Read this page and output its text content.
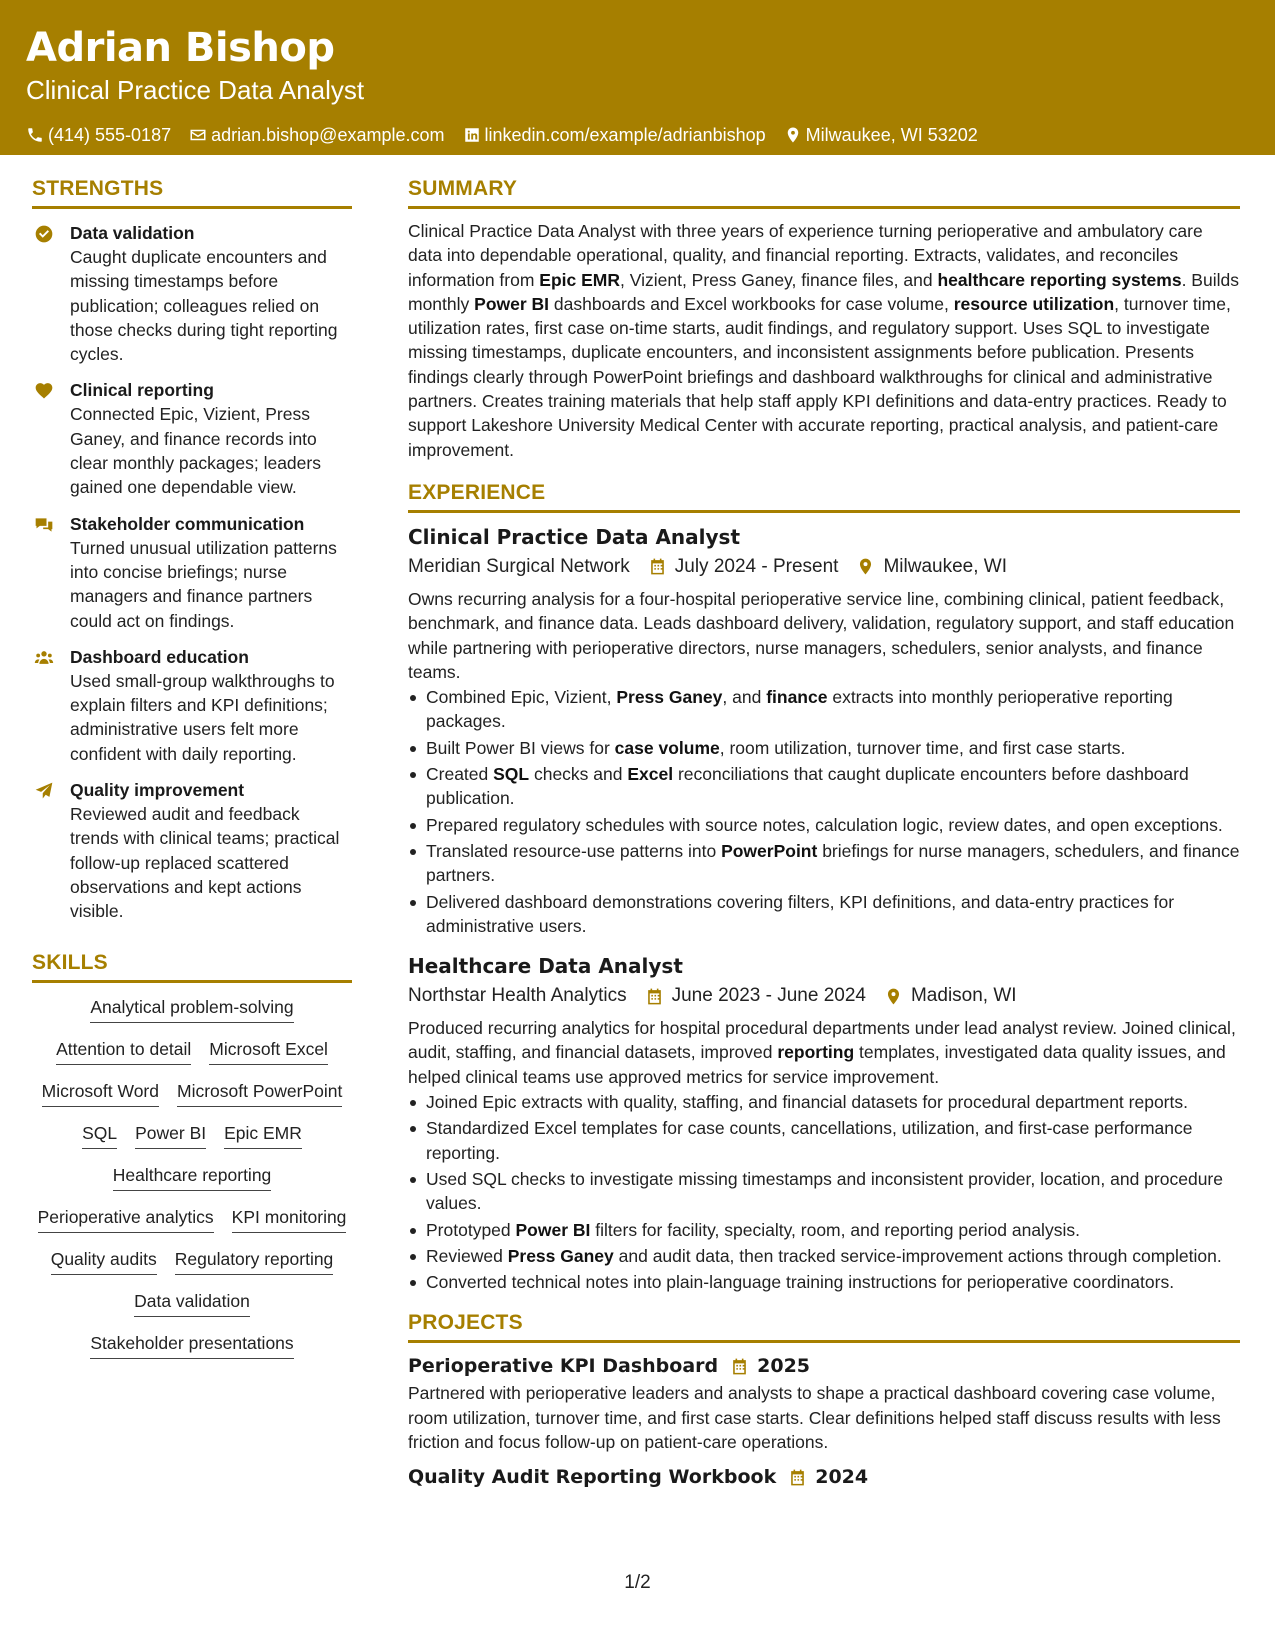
Adrian Bishop
Clinical Practice Data Analyst
(414) 555-0187 adrian.bishop@example.com linkedin.com/example/adrianbishop Milwaukee, WI 53202
STRENGTHS
Data validation
Caught duplicate encounters and missing timestamps before publication; colleagues relied on those checks during tight reporting cycles.
Clinical reporting
Connected Epic, Vizient, Press Ganey, and finance records into clear monthly packages; leaders gained one dependable view.
Stakeholder communication
Turned unusual utilization patterns into concise briefings; nurse managers and finance partners could act on findings.
Dashboard education
Used small-group walkthroughs to explain filters and KPI definitions; administrative users felt more confident with daily reporting.
Quality improvement
Reviewed audit and feedback trends with clinical teams; practical follow-up replaced scattered observations and kept actions visible.
SKILLS
Analytical problem-solving
Attention to detail Microsoft Excel
Microsoft Word Microsoft PowerPoint
SQL Power BI Epic EMR
Healthcare reporting
Perioperative analytics KPI monitoring
Quality audits Regulatory reporting
Data validation
Stakeholder presentations
SUMMARY

Clinical Practice Data Analyst with three years of experience turning perioperative and ambulatory care data into dependable operational, quality, and financial reporting. Extracts, validates, and reconciles information from Epic EMR, Vizient, Press Ganey, finance files, and healthcare reporting systems. Builds monthly Power BI dashboards and Excel workbooks for case volume, resource utilization, turnover time, utilization rates, first case on-time starts, audit findings, and regulatory support. Uses SQL to investigate missing timestamps, duplicate encounters, and inconsistent assignments before publication. Presents findings clearly through PowerPoint briefings and dashboard walkthroughs for clinical and administrative partners. Creates training materials that help staff apply KPI definitions and data-entry practices. Ready to support Lakeshore University Medical Center with accurate reporting, practical analysis, and patient-care improvement.

EXPERIENCE
Clinical Practice Data Analyst
Meridian Surgical Network July 2024 - Present Milwaukee, WI

Owns recurring analysis for a four-hospital perioperative service line, combining clinical, patient feedback, benchmark, and finance data. Leads dashboard delivery, validation, regulatory support, and staff education while partnering with perioperative directors, nurse managers, schedulers, senior analysts, and finance teams.

Combined Epic, Vizient, Press Ganey, and finance extracts into monthly perioperative reporting packages.
Built Power BI views for case volume, room utilization, turnover time, and first case starts.
Created SQL checks and Excel reconciliations that caught duplicate encounters before dashboard publication.
Prepared regulatory schedules with source notes, calculation logic, review dates, and open exceptions.
Translated resource-use patterns into PowerPoint briefings for nurse managers, schedulers, and finance partners.
Delivered dashboard demonstrations covering filters, KPI definitions, and data-entry practices for administrative users.
Healthcare Data Analyst
Northstar Health Analytics June 2023 - June 2024 Madison, WI

Produced recurring analytics for hospital procedural departments under lead analyst review. Joined clinical, audit, staffing, and financial datasets, improved reporting templates, investigated data quality issues, and helped clinical teams use approved metrics for service improvement.

Joined Epic extracts with quality, staffing, and financial datasets for procedural department reports.
Standardized Excel templates for case counts, cancellations, utilization, and first-case performance reporting.
Used SQL checks to investigate missing timestamps and inconsistent provider, location, and procedure values.
Prototyped Power BI filters for facility, specialty, room, and reporting period analysis.
Reviewed Press Ganey and audit data, then tracked service-improvement actions through completion.
Converted technical notes into plain-language training instructions for perioperative coordinators.
PROJECTS
Perioperative KPI Dashboard 2025

Partnered with perioperative leaders and analysts to shape a practical dashboard covering case volume, room utilization, turnover time, and first case starts. Clear definitions helped staff discuss results with less friction and focus follow-up on patient-care operations.

Quality Audit Reporting Workbook 2024
1/2
